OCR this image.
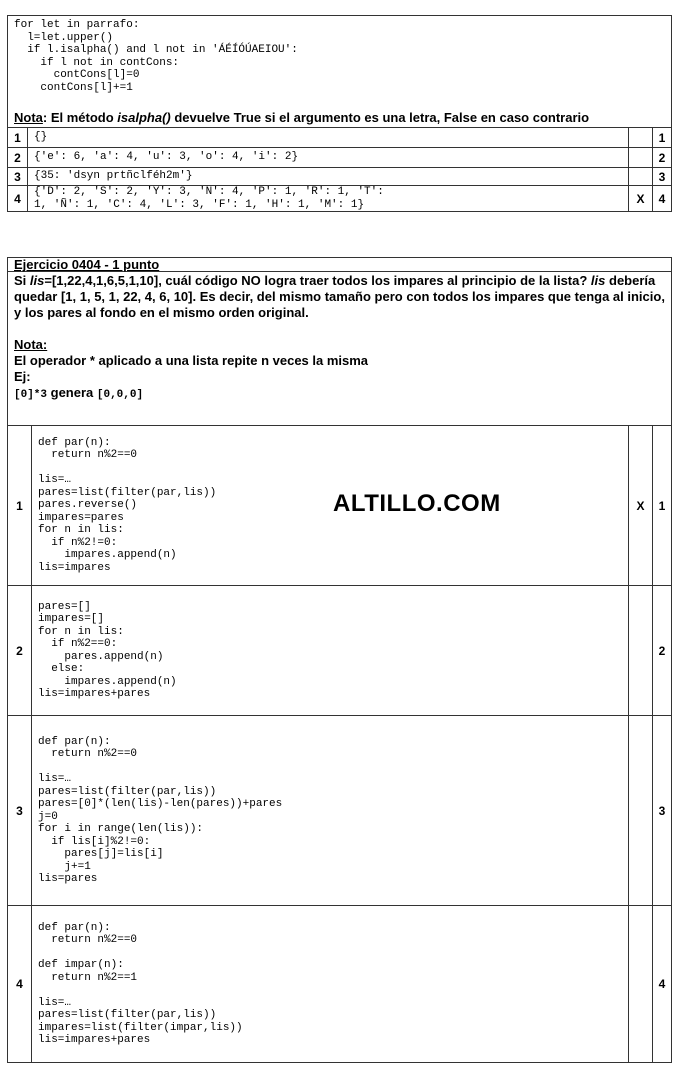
for let in parrafo:
l=let.upper()
if l.isalpha() and l not in 'ÁÉÍÓÚAEIOU':
if l not in contCons:
contCons[l]=0
contCons[l]+=1
Nota: El método isalpha() devuelve True si el argumento es una letra, False en caso contrario
1 {}	1
2 {'e': 6, 'a': 4, 'u': 3, 'o': 4, 'i': 2}	2
3 {35: 'dsyn prtñclféh2m'}	3
4 {'D': 2, 'S': 2, 'Y': 3, 'N': 4, 'P': 1, 'R': 1, 'T':
1, 'Ñ': 1, 'C': 4, 'L': 3, 'F': 1, 'H': 1, 'M': 1}	X 4
Ejercicio 0404 - 1 punto
Si lis=[1,22,4,1,6,5,1,10], cuál código NO logra traer todos los impares al principio de la lista? lis debería quedar [1, 1, 5, 1, 22, 4, 6, 10]. Es decir, del mismo tamaño pero con todos los impares que tenga al inicio, y los pares al fondo en el mismo orden original.
Nota:
El operador * aplicado a una lista repite n veces la misma
Ej:
[0]*3 genera [0,0,0]
1
def par(n):
return n%2==0

lis=…
pares=list(filter(par,lis))
pares.reverse()
impares=pares
for n in lis:
if n%2!=0:
impares.append(n)
lis=impares
X 1
2
pares=[]
impares=[]
for n in lis:
if n%2==0:
pares.append(n)
else:
impares.append(n)
lis=impares+pares
2
3
def par(n):
return n%2==0

lis=…
pares=list(filter(par,lis))
pares=[0]*(len(lis)-len(pares))+pares
j=0
for i in range(len(lis)):
if lis[i]%2!=0:
pares[j]=lis[i]
j+=1
lis=pares
3
4
def par(n):
return n%2==0

def impar(n):
return n%2==1

lis=…
pares=list(filter(par,lis))
impares=list(filter(impar,lis))
lis=impares+pares
4
ALTILLO.COM
